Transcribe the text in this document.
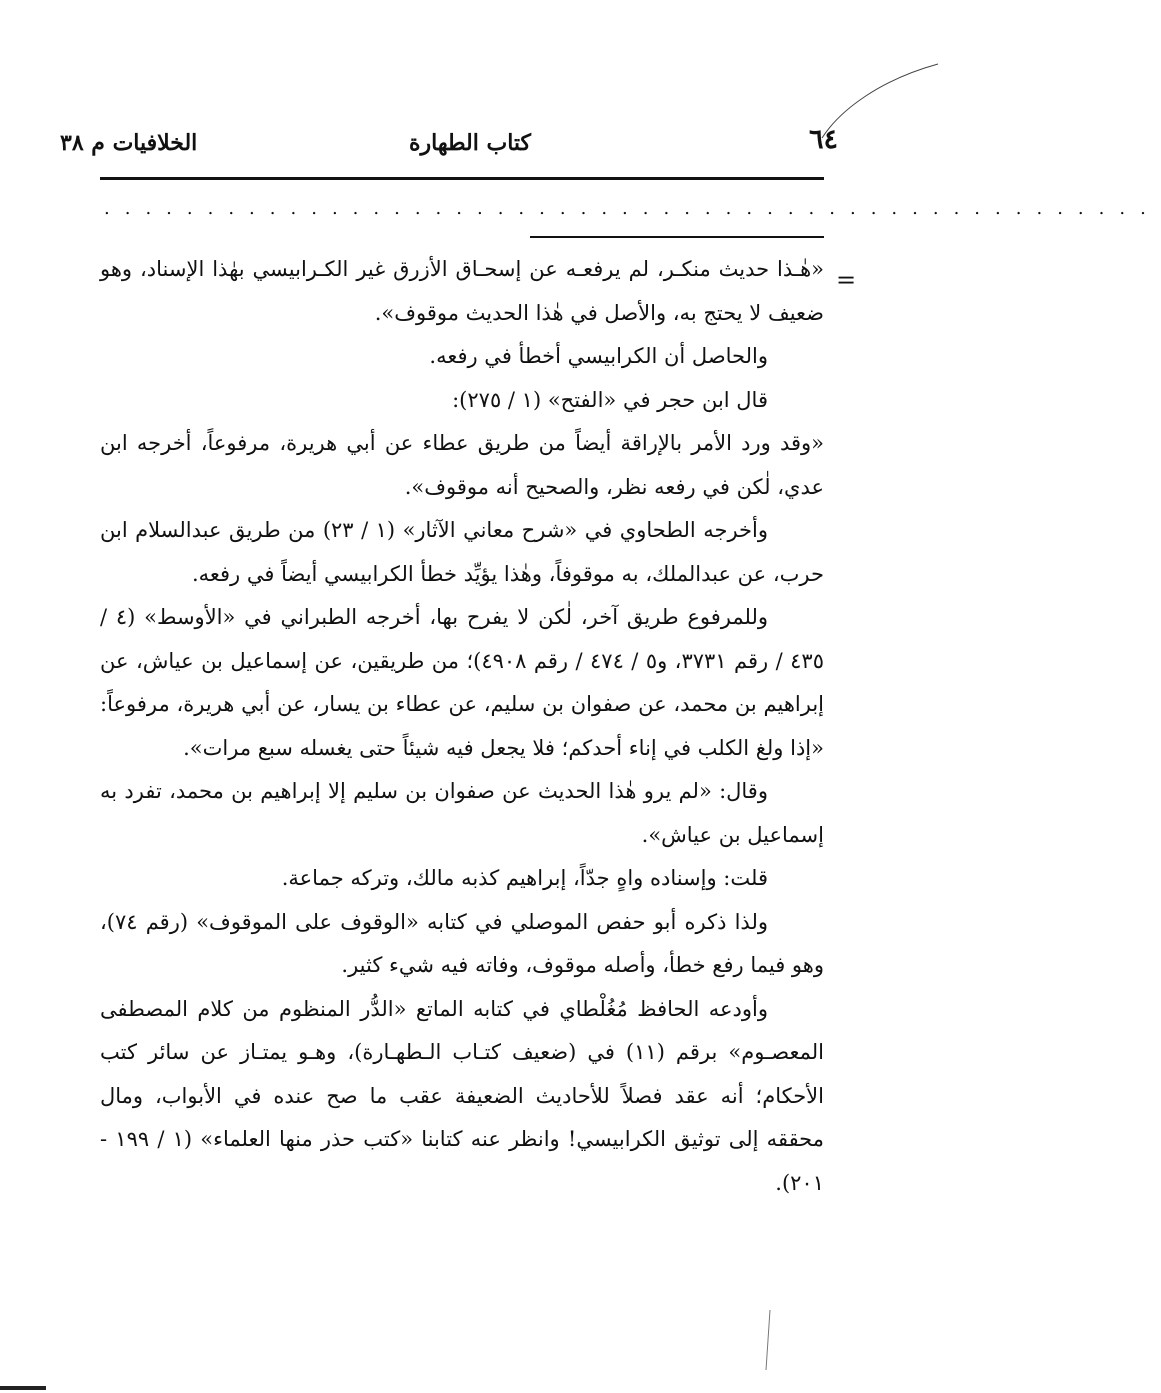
٦٤
كتاب الطهارة
الخلافيات م ٣٨
...................................................
=

«هٰـذا حديث منكـر، لم يرفعـه عن إسحـاق الأزرق غير الكـرابيسي بهٰذا الإسناد، وهو ضعيف لا يحتج به، والأصل في هٰذا الحديث موقوف».

والحاصل أن الكرابيسي أخطأ في رفعه.

قال ابن حجر في «الفتح» (١ / ٢٧٥):

«وقد ورد الأمر بالإراقة أيضاً من طريق عطاء عن أبي هريرة، مرفوعاً، أخرجه ابن عدي، لٰكن في رفعه نظر، والصحيح أنه موقوف».

وأخرجه الطحاوي في «شرح معاني الآثار» (١ / ٢٣) من طريق عبدالسلام ابن حرب، عن عبدالملك، به موقوفاً، وهٰذا يؤيِّد خطأ الكرابيسي أيضاً في رفعه.

وللمرفوع طريق آخر، لٰكن لا يفرح بها، أخرجه الطبراني في «الأوسط» (٤ / ٤٣٥ / رقم ٣٧٣١، و٥ / ٤٧٤ / رقم ٤٩٠٨)؛ من طريقين، عن إسماعيل بن عياش، عن إبراهيم بن محمد، عن صفوان بن سليم، عن عطاء بن يسار، عن أبي هريرة، مرفوعاً: «إذا ولغ الكلب في إناء أحدكم؛ فلا يجعل فيه شيئاً حتى يغسله سبع مرات».

وقال: «لم يرو هٰذا الحديث عن صفوان بن سليم إلا إبراهيم بن محمد، تفرد به إسماعيل بن عياش».

قلت: وإسناده واهٍ جدّاً، إبراهيم كذبه مالك، وتركه جماعة.

ولذا ذكره أبو حفص الموصلي في كتابه «الوقوف على الموقوف» (رقم ٧٤)، وهو فيما رفع خطأ، وأصله موقوف، وفاته فيه شيء كثير.

وأودعه الحافظ مُغُلْطاي في كتابه الماتع «الدُّر المنظوم من كلام المصطفى المعصـوم» برقم (١١) في (ضعيف كتـاب الـطهـارة)، وهـو يمتـاز عن سائر كتب الأحكام؛ أنه عقد فصلاً للأحاديث الضعيفة عقب ما صح عنده في الأبواب، ومال محققه إلى توثيق الكرابيسي! وانظر عنه كتابنا «كتب حذر منها العلماء» (١ / ١٩٩ - ٢٠١).
